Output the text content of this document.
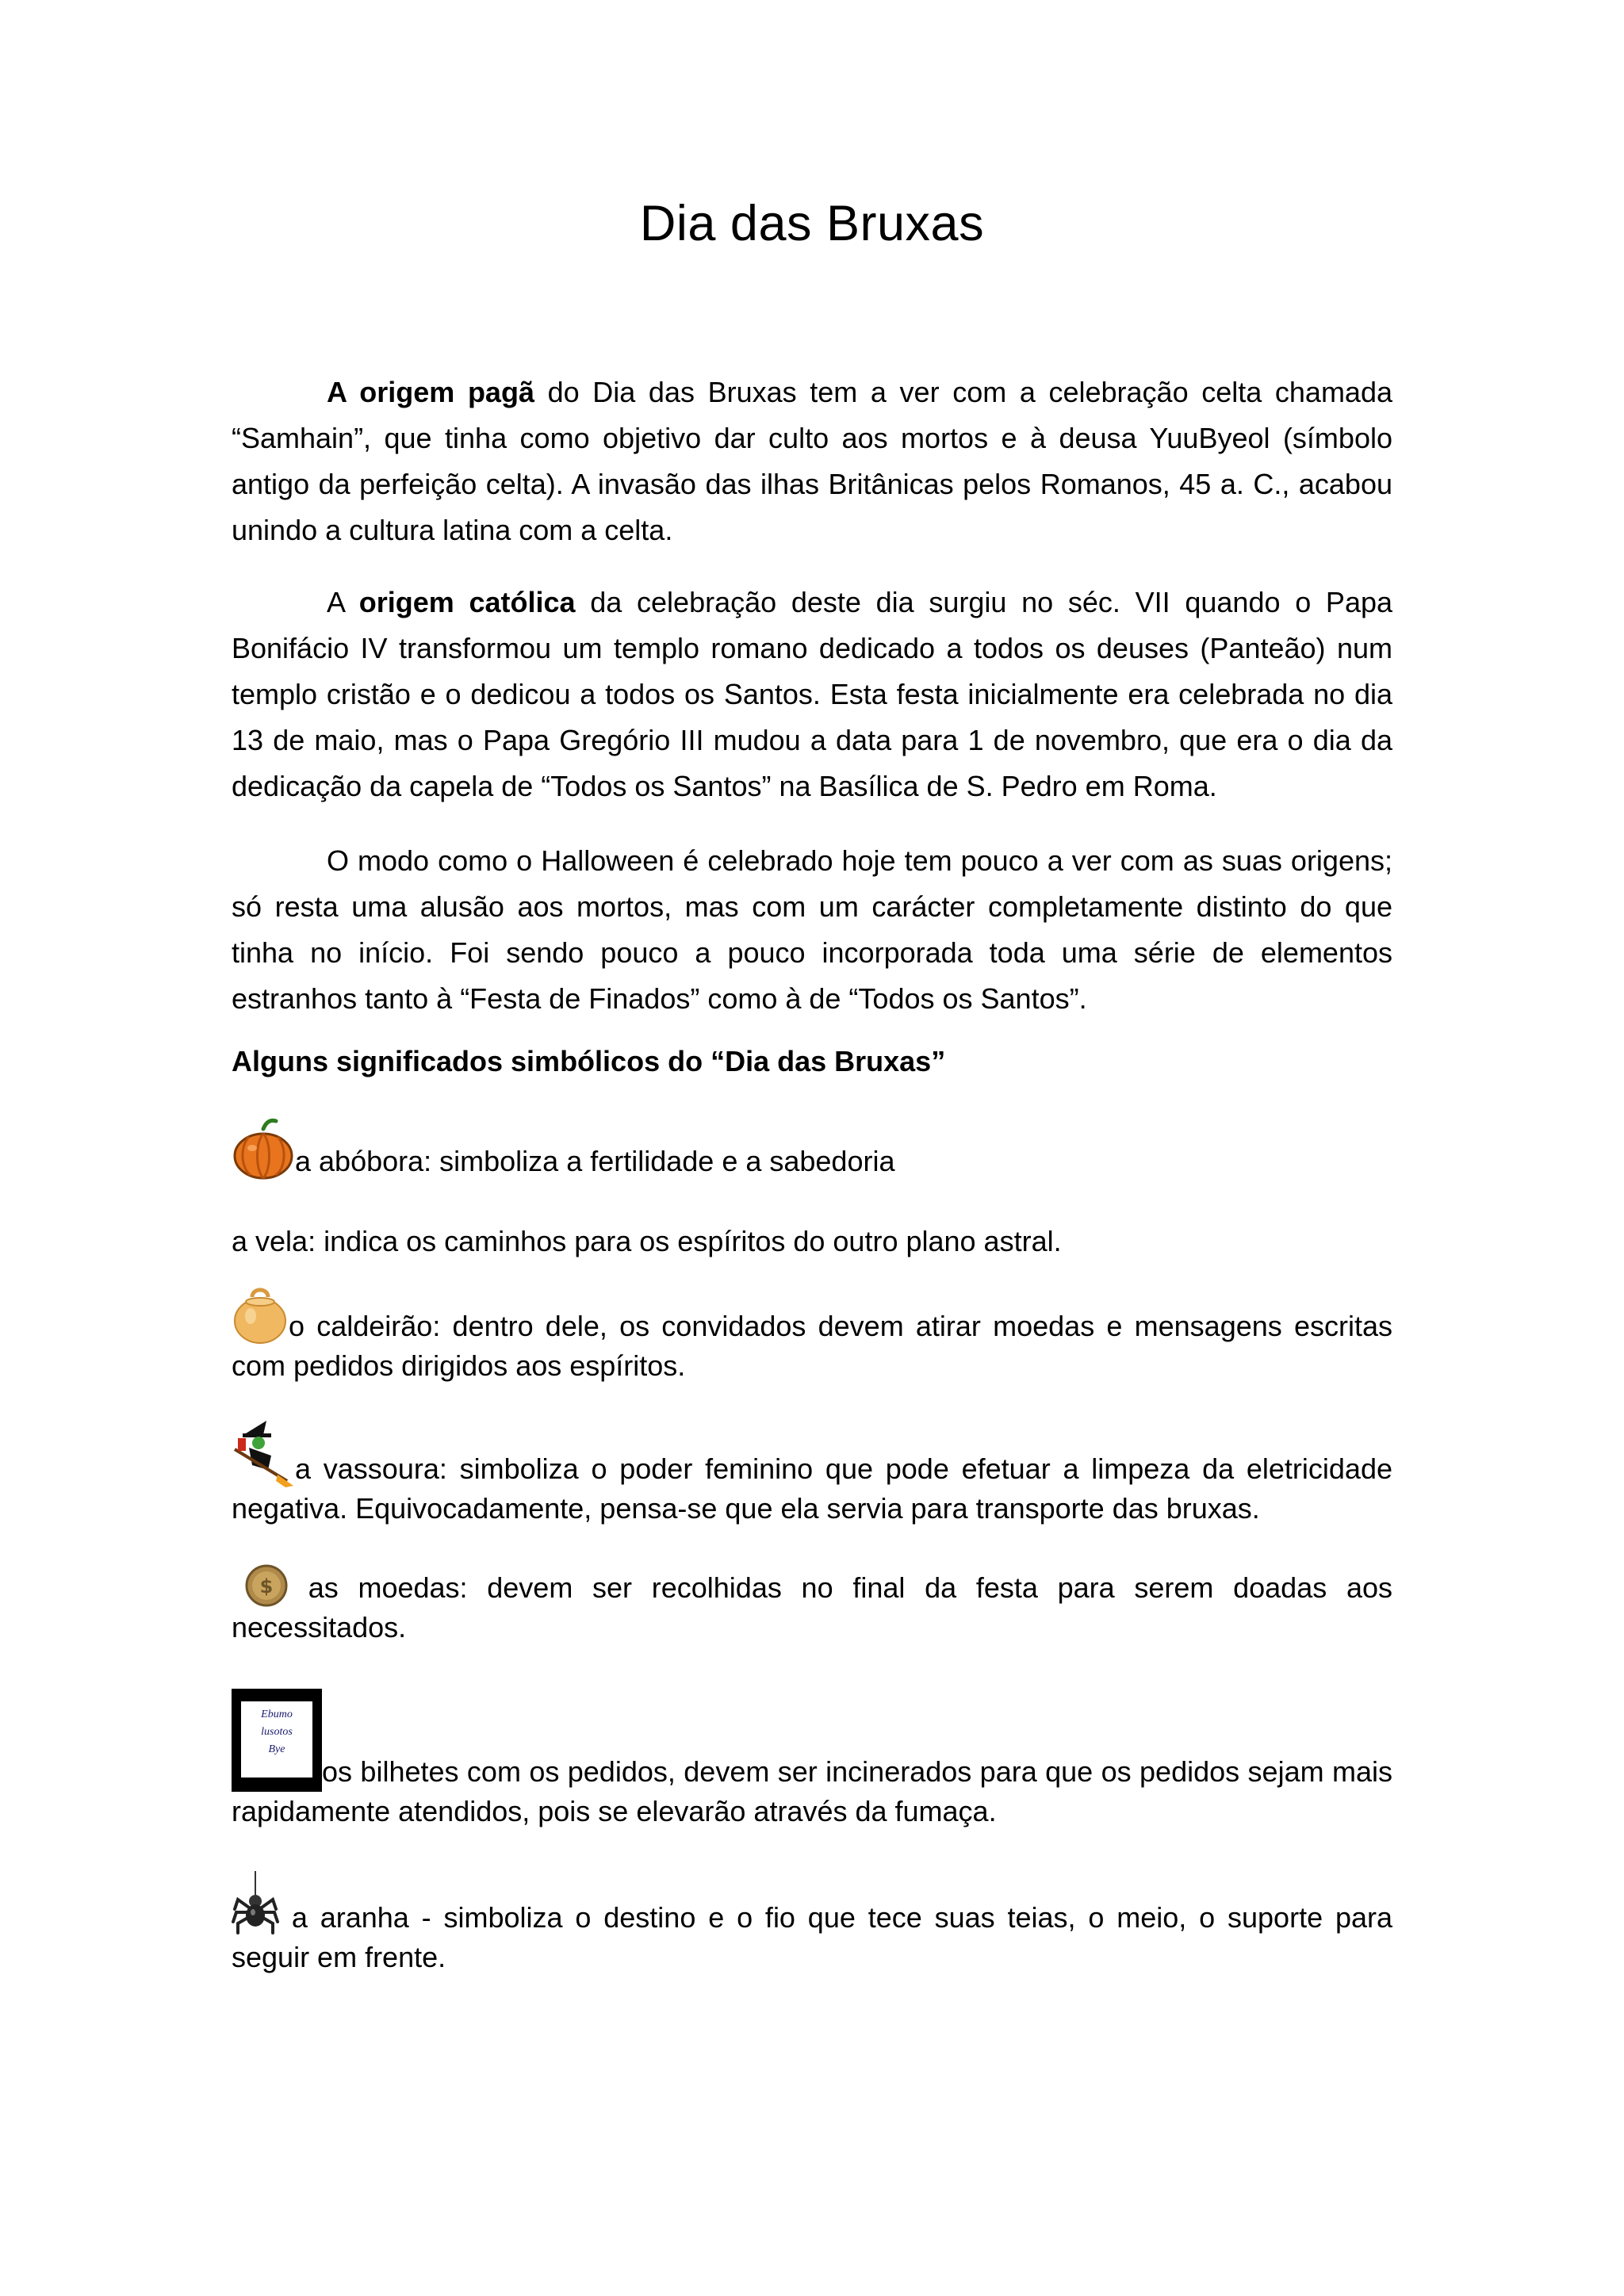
Dia das Bruxas

A origem pagã do Dia das Bruxas tem a ver com a celebração celta chamada “Samhain”, que tinha como objetivo dar culto aos mortos e à deusa YuuByeol (símbolo antigo da perfeição celta). A invasão das ilhas Britânicas pelos Romanos, 45 a. C., acabou unindo a cultura latina com a celta.

A origem católica da celebração deste dia surgiu no séc. VII quando o Papa Bonifácio IV transformou um templo romano dedicado a todos os deuses (Panteão) num templo cristão e o dedicou a todos os Santos. Esta festa inicialmente era celebrada no dia 13 de maio, mas o Papa Gregório III mudou a data para 1 de novembro, que era o dia da dedicação da capela de “Todos os Santos” na Basílica de S. Pedro em Roma.

O modo como o Halloween é celebrado hoje tem pouco a ver com as suas origens; só resta uma alusão aos mortos, mas com um carácter completamente distinto do que tinha no início. Foi sendo pouco a pouco incorporada toda uma série de elementos estranhos tanto à “Festa de Finados” como à de “Todos os Santos”.

Alguns significados simbólicos do “Dia das Bruxas”

a abóbora: simboliza a fertilidade e a sabedoria
a vela: indica os caminhos para os espíritos do outro plano astral.
o caldeirão: dentro dele, os convidados devem atirar moedas e mensagens escritas com pedidos dirigidos aos espíritos.
a vassoura: simboliza o poder feminino que pode efetuar a limpeza da eletricidade negativa. Equivocadamente, pensa-se que ela servia para transporte das bruxas.
$ as moedas: devem ser recolhidas no final da festa para serem doadas aos necessitados.
Ebumo
lusotos
Bye
os bilhetes com os pedidos, devem ser incinerados para que os pedidos sejam mais rapidamente atendidos, pois se elevarão através da fumaça.
a aranha - simboliza o destino e o fio que tece suas teias, o meio, o suporte para seguir em frente.
